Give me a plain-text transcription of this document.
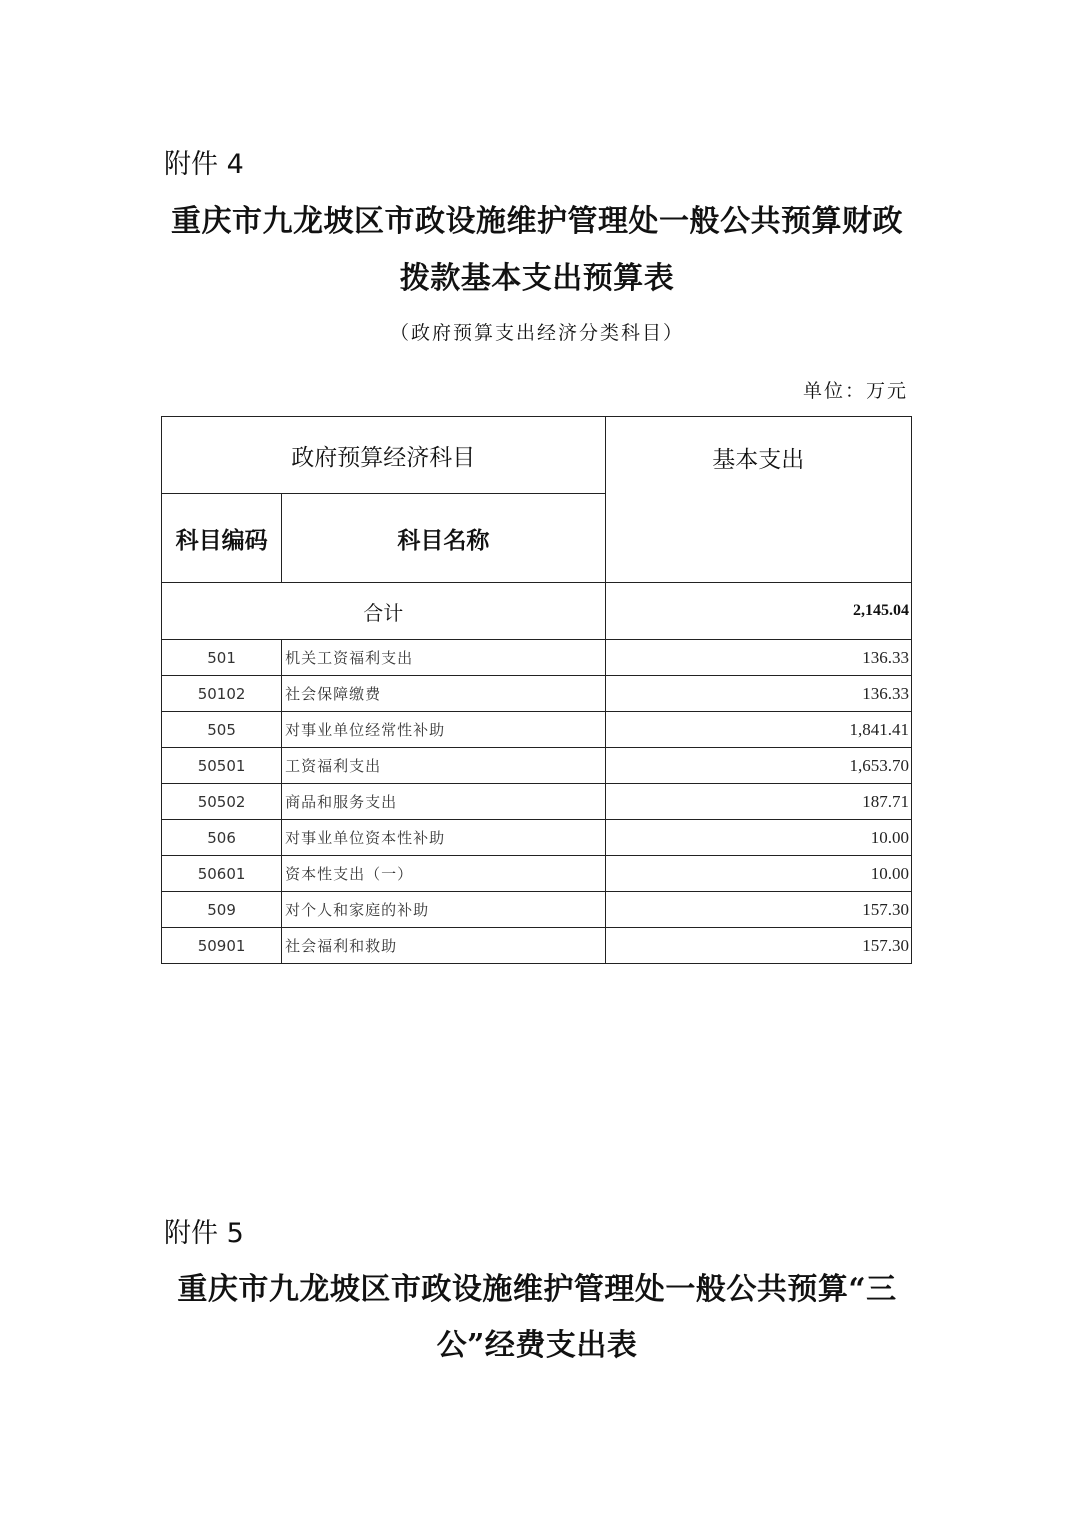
附件 4
重庆市九龙坡区市政设施维护管理处一般公共预算财政
拨款基本支出预算表
（政府预算支出经济分类科目）
单位：万元
政府预算经济科目		基本支出
科目编码	科目名称	
合计		2,145.04
501	机关工资福利支出	136.33
50102	社会保障缴费	136.33
505	对事业单位经常性补助	1,841.41
50501	工资福利支出	1,653.70
50502	商品和服务支出	187.71
506	对事业单位资本性补助	10.00
50601	资本性支出（一）	10.00
509	对个人和家庭的补助	157.30
50901	社会福利和救助	157.30
附件 5
重庆市九龙坡区市政设施维护管理处一般公共预算“三
公”经费支出表
